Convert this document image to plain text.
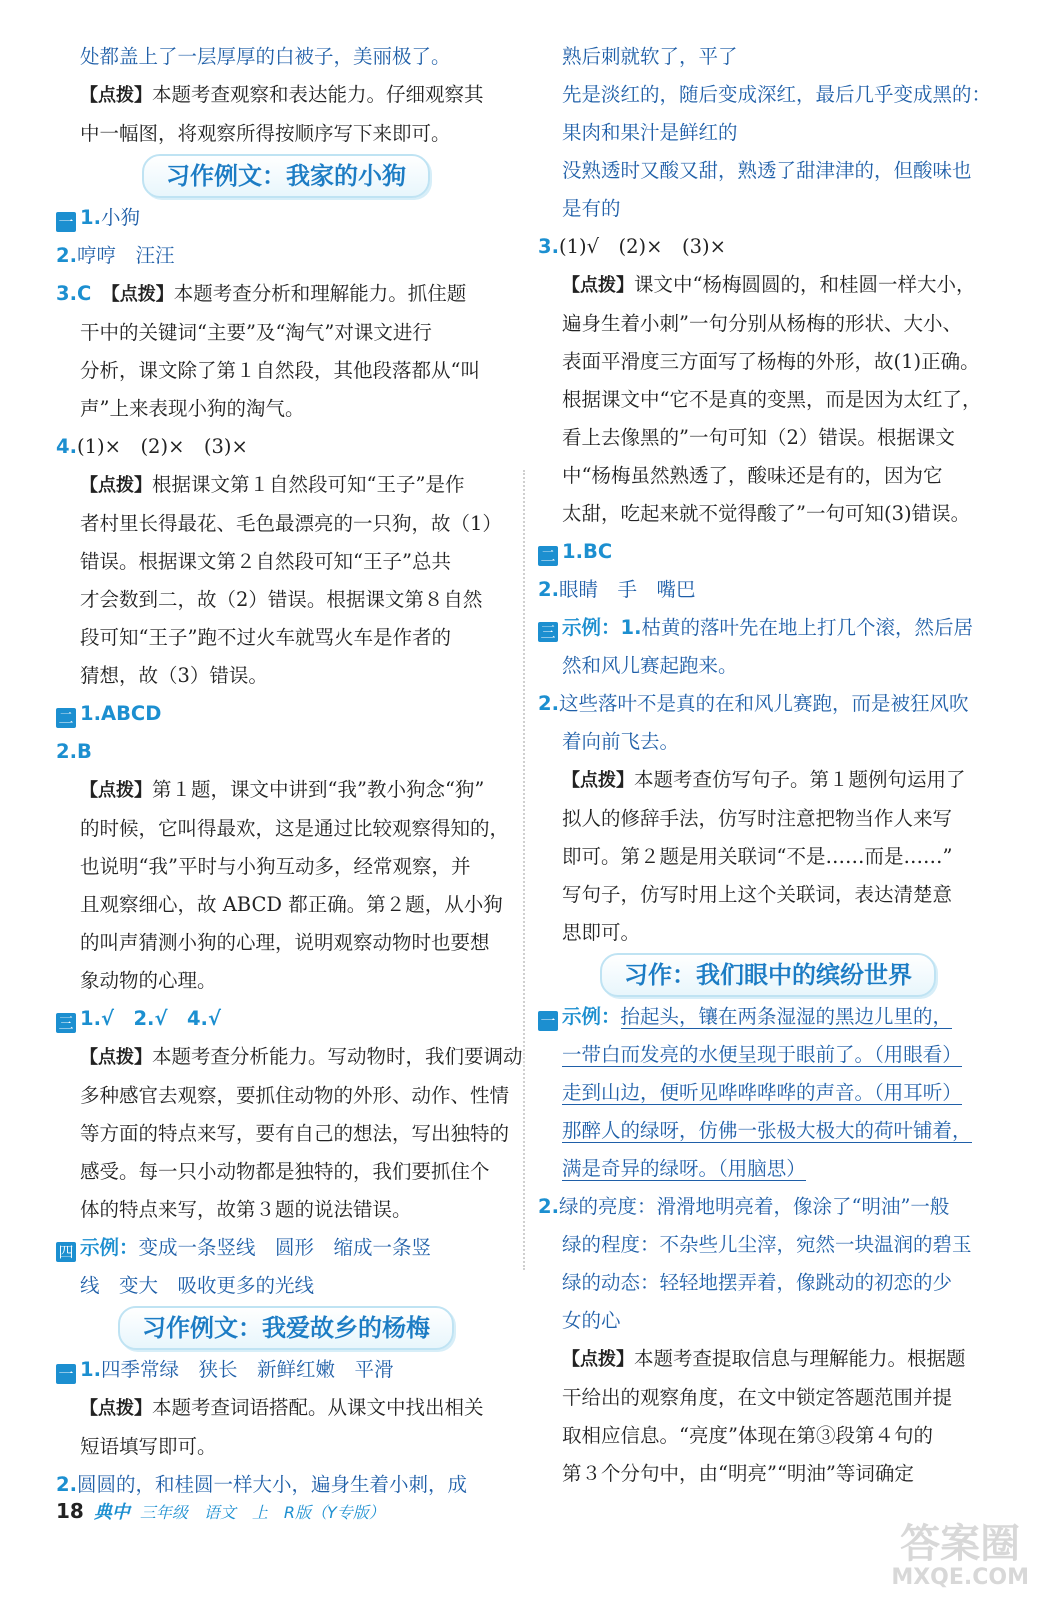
处都盖上了一层厚厚的白被子，美丽极了。
【点拨】本题考查观察和表达能力。仔细观察其
中一幅图，将观察所得按顺序写下来即可。
习作例文：我家的小狗
一 1.小狗
2.哼哼　汪汪
3.C　【点拨】本题考查分析和理解能力。抓住题
干中的关键词“主要”及“淘气”对课文进行
分析，课文除了第１自然段，其他段落都从“叫
声”上来表现小狗的淘气。
4.(1)×　(2)×　(3)×
【点拨】根据课文第１自然段可知“王子”是作
者村里长得最花、毛色最漂亮的一只狗，故（1）
错误。根据课文第２自然段可知“王子”总共
才会数到二，故（2）错误。根据课文第８自然
段可知“王子”跑不过火车就骂火车是作者的
猜想，故（3）错误。
二 1.ABCD
2.B
【点拨】第１题，课文中讲到“我”教小狗念“狗”
的时候，它叫得最欢，这是通过比较观察得知的，
也说明“我”平时与小狗互动多，经常观察，并
且观察细心，故 ABCD 都正确。第２题，从小狗
的叫声猜测小狗的心理，说明观察动物时也要想
象动物的心理。
三 1.√　2.√　4.√
【点拨】本题考查分析能力。写动物时，我们要调动
多种感官去观察，要抓住动物的外形、动作、性情
等方面的特点来写，要有自己的想法，写出独特的
感受。每一只小动物都是独特的，我们要抓住个
体的特点来写，故第３题的说法错误。
四 示例：变成一条竖线　圆形　缩成一条竖
线　变大　吸收更多的光线
习作例文：我爱故乡的杨梅
一 1.四季常绿　狭长　新鲜红嫩　平滑
【点拨】本题考查词语搭配。从课文中找出相关
短语填写即可。
2.圆圆的，和桂圆一样大小，遍身生着小刺，成
熟后刺就软了，平了
先是淡红的，随后变成深红，最后几乎变成黑的：
果肉和果汁是鲜红的
没熟透时又酸又甜，熟透了甜津津的，但酸味也
是有的
3.(1)√　(2)×　(3)×
【点拨】课文中“杨梅圆圆的，和桂圆一样大小，
遍身生着小刺”一句分别从杨梅的形状、大小、
表面平滑度三方面写了杨梅的外形，故(1)正确。
根据课文中“它不是真的变黑，而是因为太红了，
看上去像黑的”一句可知（2）错误。根据课文
中“杨梅虽然熟透了，酸味还是有的，因为它
太甜，吃起来就不觉得酸了”一句可知(3)错误。
二 1.BC
2.眼睛　手　嘴巴
三 示例：1.枯黄的落叶先在地上打几个滚，然后居
然和风儿赛起跑来。
2.这些落叶不是真的在和风儿赛跑，而是被狂风吹
着向前飞去。
【点拨】本题考查仿写句子。第１题例句运用了
拟人的修辞手法，仿写时注意把物当作人来写
即可。第２题是用关联词“不是……而是……”
写句子，仿写时用上这个关联词，表达清楚意
思即可。
习作：我们眼中的缤纷世界
一 示例：抬起头，镶在两条湿湿的黑边儿里的，
一带白而发亮的水便呈现于眼前了。（用眼看）
走到山边，便听见哗哗哗哗的声音。（用耳听）
那醉人的绿呀，仿佛一张极大极大的荷叶铺着，
满是奇异的绿呀。（用脑思）
2.绿的亮度：滑滑地明亮着，像涂了“明油”一般
绿的程度：不杂些儿尘滓，宛然一块温润的碧玉
绿的动态：轻轻地摆弄着，像跳动的初恋的少
女的心
【点拨】本题考查提取信息与理解能力。根据题
干给出的观察角度，在文中锁定答题范围并提
取相应信息。“亮度”体现在第③段第４句的
第３个分句中，由“明亮”“明油”等词确定
18 典中 三年级　语文　上　R版（Y专版）
答案圈
MXQE.COM
